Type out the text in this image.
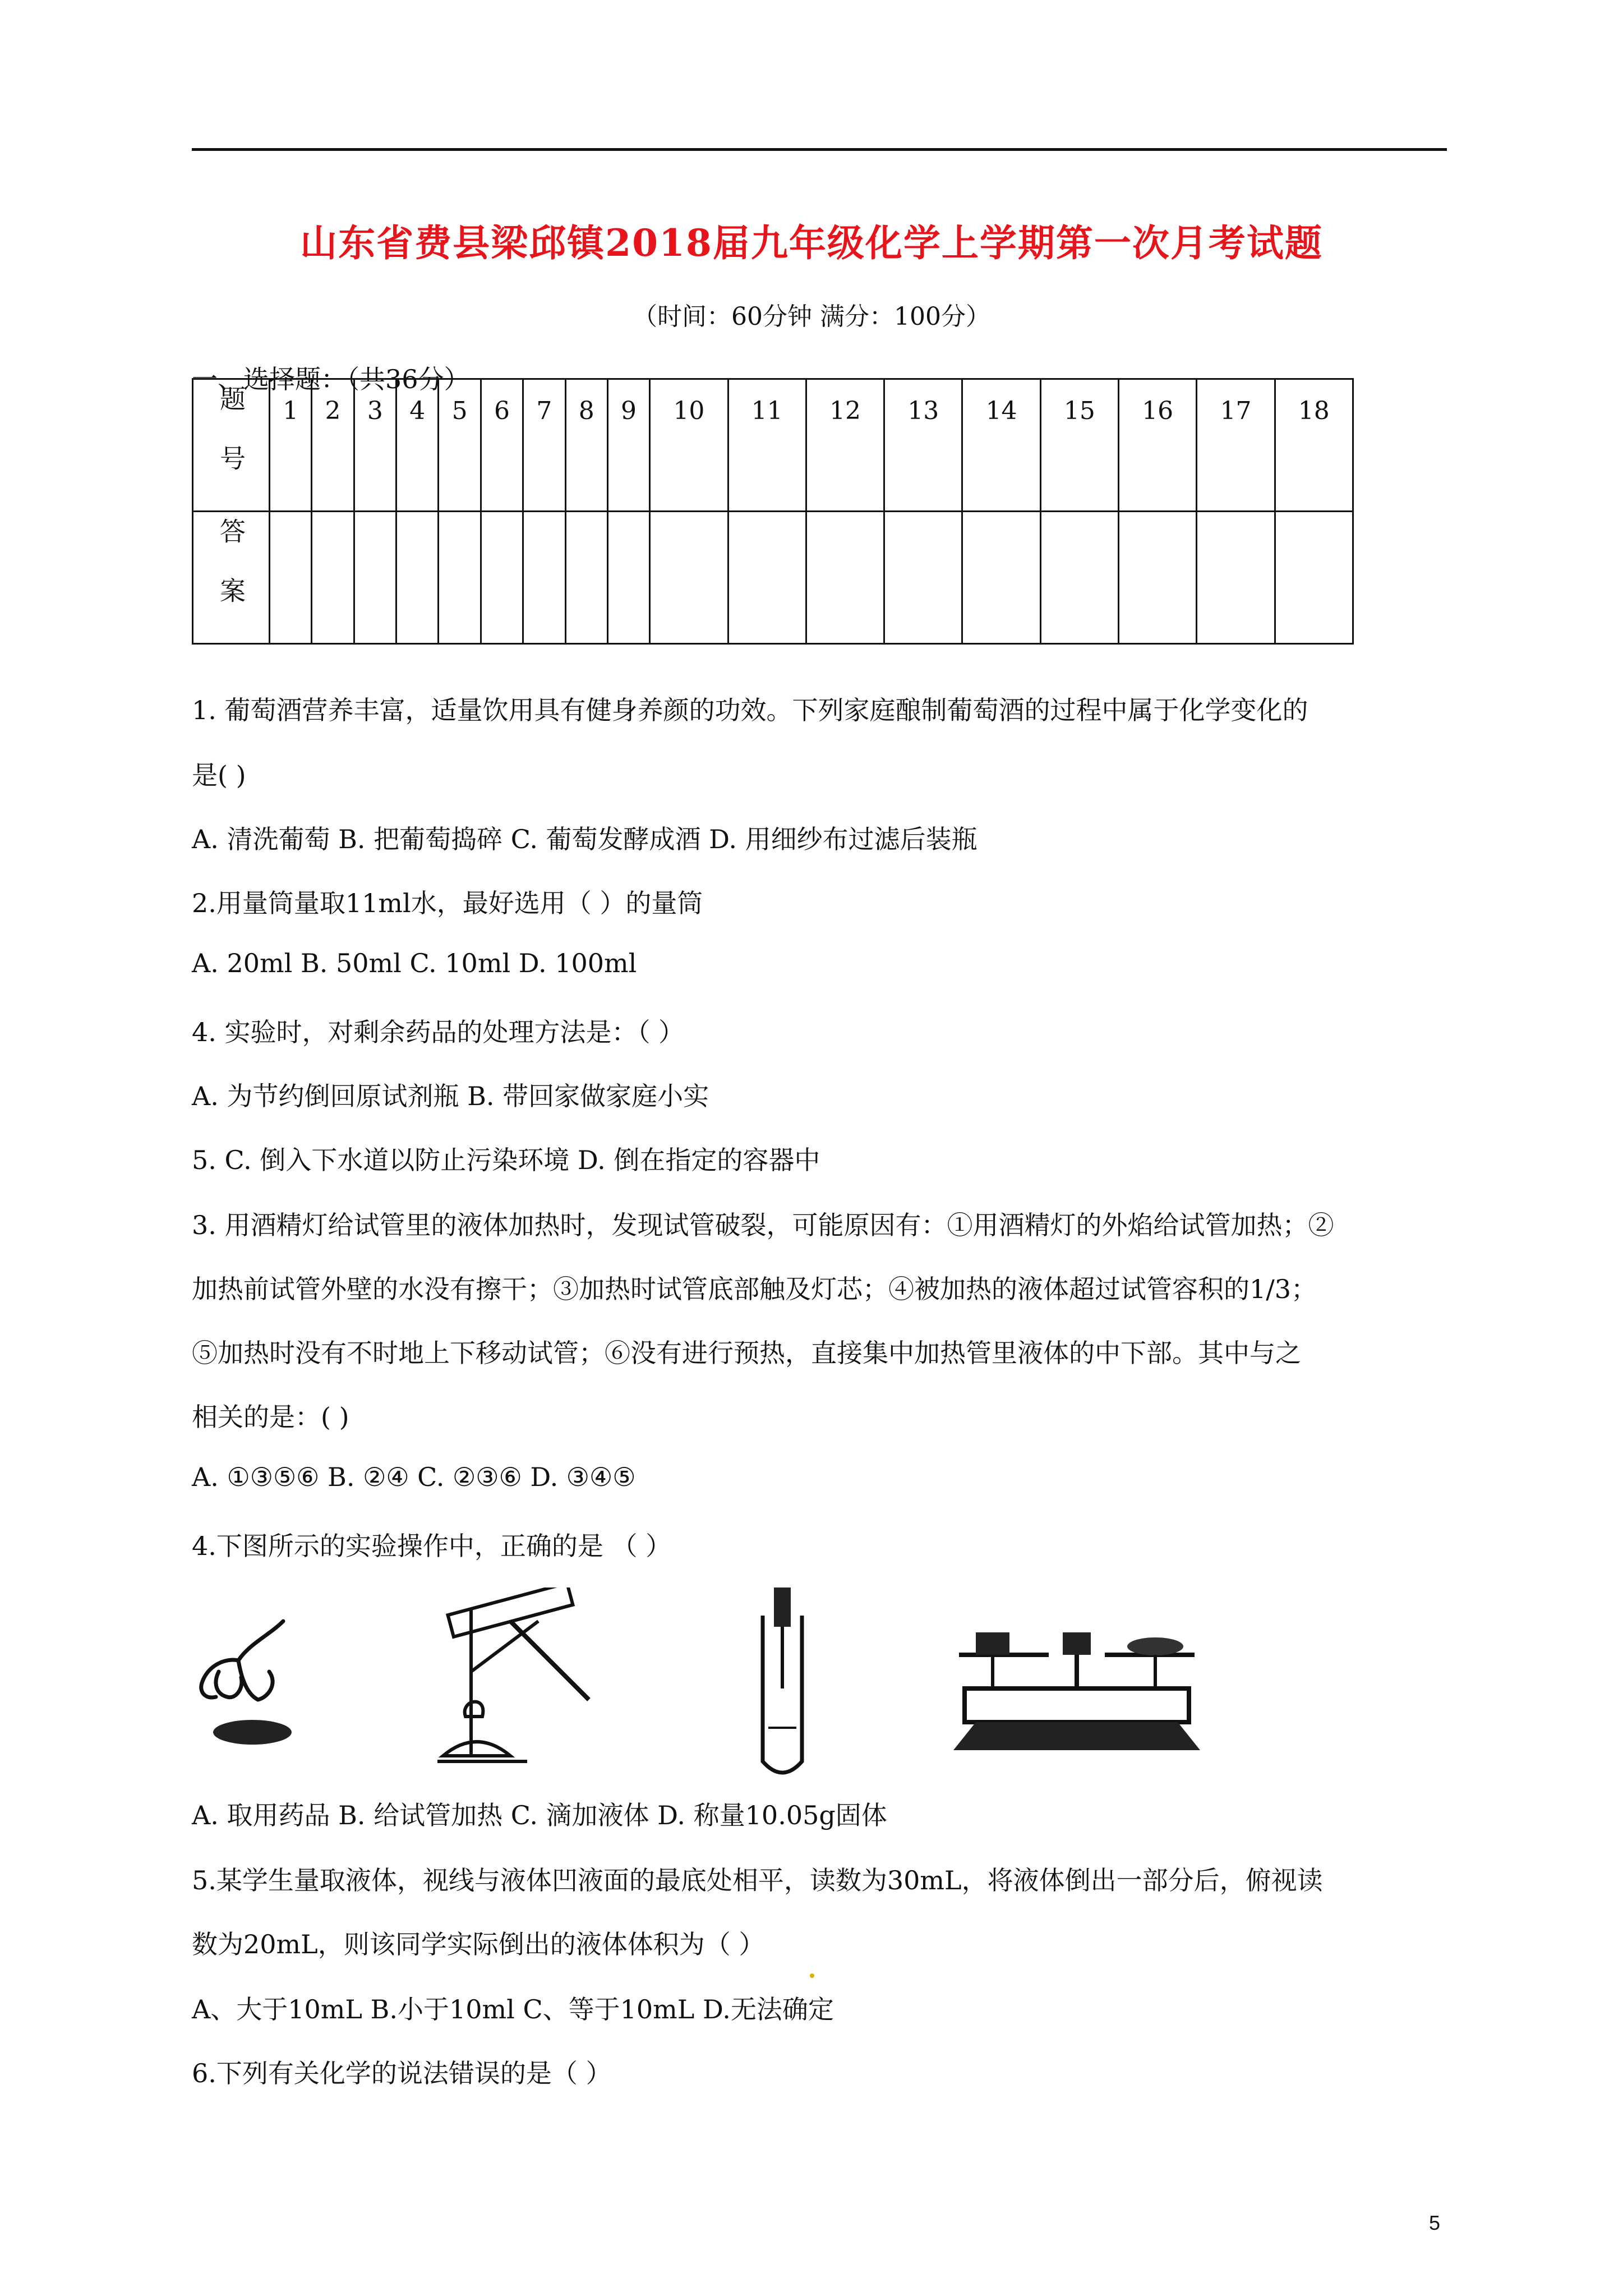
山东省费县梁邱镇2018届九年级化学上学期第一次月考试题
（时间：60分钟 满分：100分）
一、选择题：（共36分）
题号	1	2	3	4	5	6	7	8	9	10	11	12	13	14	15	16	17	18
答案																		
1. 葡萄酒营养丰富，适量饮用具有健身养颜的功效。下列家庭酿制葡萄酒的过程中属于化学变化的
是( )
A. 清洗葡萄 B. 把葡萄捣碎 C. 葡萄发酵成酒 D. 用细纱布过滤后装瓶
2.用量筒量取11ml水，最好选用（ ）的量筒
A. 20ml B. 50ml C. 10ml D. 100ml
4. 实验时，对剩余药品的处理方法是：（ ）
A. 为节约倒回原试剂瓶 B. 带回家做家庭小实
5. C. 倒入下水道以防止污染环境 D. 倒在指定的容器中
3. 用酒精灯给试管里的液体加热时，发现试管破裂，可能原因有：①用酒精灯的外焰给试管加热；②
加热前试管外壁的水没有擦干；③加热时试管底部触及灯芯；④被加热的液体超过试管容积的1/3；
⑤加热时没有不时地上下移动试管；⑥没有进行预热，直接集中加热管里液体的中下部。其中与之
相关的是：( )
A. ①③⑤⑥ B. ②④ C. ②③⑥ D. ③④⑤
4.下图所示的实验操作中，正确的是 （ ）
A. 取用药品 B. 给试管加热 C. 滴加液体 D. 称量10.05g固体
5.某学生量取液体，视线与液体凹液面的最底处相平，读数为30mL，将液体倒出一部分后，俯视读
数为20mL，则该同学实际倒出的液体体积为（ ）
A、大于10mL B.小于10ml C、等于10mL D.无法确定
6.下列有关化学的说法错误的是（ ）
5
